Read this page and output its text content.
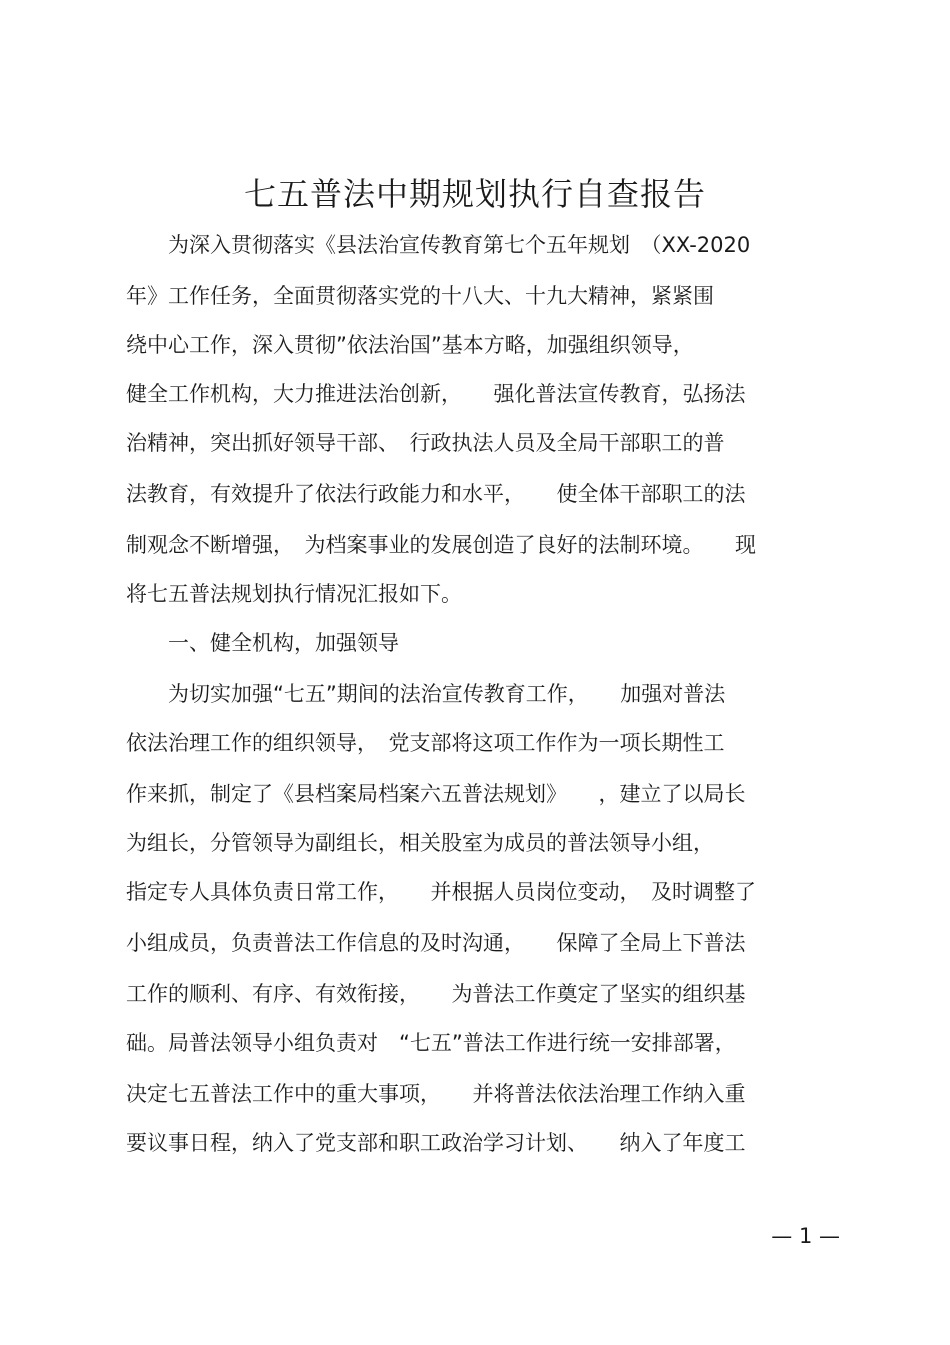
七五普法中期规划执行自查报告

　　为深入贯彻落实《县法治宣传教育第七个五年规划　（XX-2020

年》工作任务，全面贯彻落实党的十八大、十九大精神，紧紧围

绕中心工作，深入贯彻”依法治国”基本方略，加强组织领导，

健全工作机构，大力推进法治创新，　　强化普法宣传教育，弘扬法

治精神，突出抓好领导干部、　行政执法人员及全局干部职工的普

法教育，有效提升了依法行政能力和水平，　　使全体干部职工的法

制观念不断增强，　为档案事业的发展创造了良好的法制环境。　　现

将七五普法规划执行情况汇报如下。

　　一、健全机构，加强领导

　　为切实加强“七五”期间的法治宣传教育工作，　　加强对普法

依法治理工作的组织领导，　党支部将这项工作作为一项长期性工

作来抓，制定了《县档案局档案六五普法规划》　　，建立了以局长

为组长，分管领导为副组长，相关股室为成员的普法领导小组，

指定专人具体负责日常工作，　　并根据人员岗位变动，　及时调整了

小组成员，负责普法工作信息的及时沟通，　　保障了全局上下普法

工作的顺利、有序、有效衔接，　　为普法工作奠定了坚实的组织基

础。局普法领导小组负责对　“七五”普法工作进行统一安排部署，

决定七五普法工作中的重大事项，　　并将普法依法治理工作纳入重

要议事日程，纳入了党支部和职工政治学习计划、　　纳入了年度工

— 1 —
